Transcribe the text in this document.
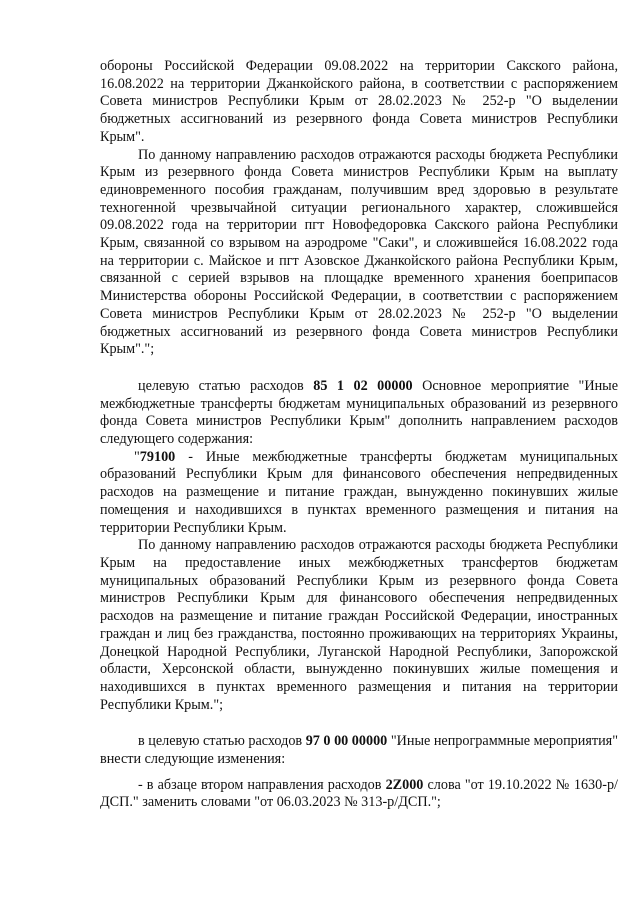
обороны Российской Федерации 09.08.2022 на территории Сакского района, 16.08.2022 на территории Джанкойского района, в соответствии с распоряжением Совета министров Республики Крым от 28.02.2023 № 252-р "О выделении бюджетных ассигнований из резервного фонда Совета министров Республики Крым".

По данному направлению расходов отражаются расходы бюджета Республики Крым из резервного фонда Совета министров Республики Крым на выплату единовременного пособия гражданам, получившим вред здоровью в результате техногенной чрезвычайной ситуации регионального характер, сложившейся 09.08.2022 года на территории пгт Новофедоровка Сакского района Республики Крым, связанной со взрывом на аэродроме "Саки", и сложившейся 16.08.2022 года на территории с. Майское и пгт Азовское Джанкойского района Республики Крым, связанной с серией взрывов на площадке временного хранения боеприпасов Министерства обороны Российской Федерации, в соответствии с распоряжением Совета министров Республики Крым от 28.02.2023 № 252-р "О выделении бюджетных ассигнований из резервного фонда Совета министров Республики Крым".";

целевую статью расходов 85 1 02 00000 Основное мероприятие "Иные межбюджетные трансферты бюджетам муниципальных образований из резервного фонда Совета министров Республики Крым" дополнить направлением расходов следующего содержания:

"79100 - Иные межбюджетные трансферты бюджетам муниципальных образований Республики Крым для финансового обеспечения непредвиденных расходов на размещение и питание граждан, вынужденно покинувших жилые помещения и находившихся в пунктах временного размещения и питания на территории Республики Крым.

По данному направлению расходов отражаются расходы бюджета Республики Крым на предоставление иных межбюджетных трансфертов бюджетам муниципальных образований Республики Крым из резервного фонда Совета министров Республики Крым для финансового обеспечения непредвиденных расходов на размещение и питание граждан Российской Федерации, иностранных граждан и лиц без гражданства, постоянно проживающих на территориях Украины, Донецкой Народной Республики, Луганской Народной Республики, Запорожской области, Херсонской области, вынужденно покинувших жилые помещения и находившихся в пунктах временного размещения и питания на территории Республики Крым.";

в целевую статью расходов 97 0 00 00000 "Иные непрограммные мероприятия" внести следующие изменения:

- в абзаце втором направления расходов 2Z000 слова "от 19.10.2022 № 1630-р/ДСП." заменить словами "от 06.03.2023 № 313-р/ДСП.";
